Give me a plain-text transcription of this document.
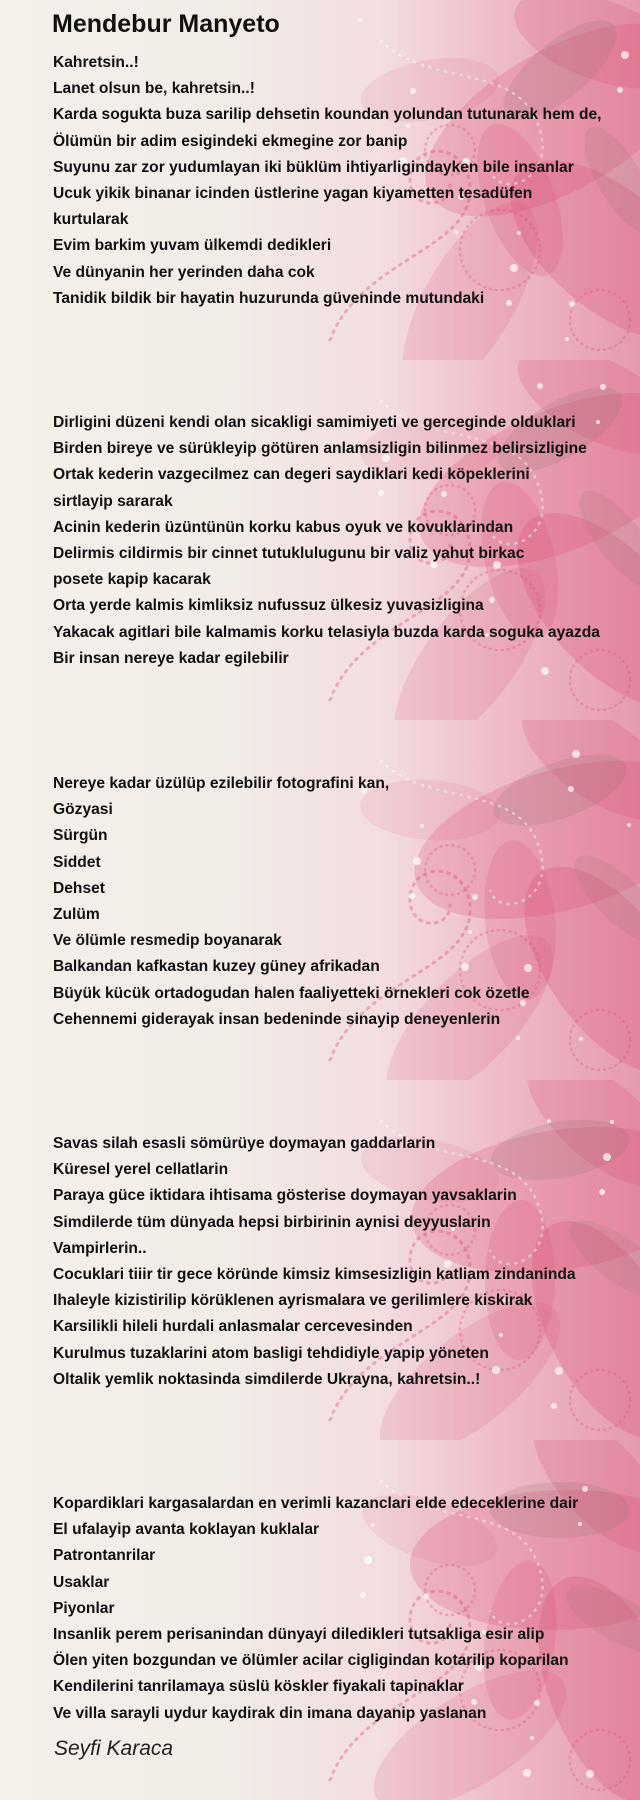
Mendebur Manyeto
Kahretsin..!
Lanet olsun be, kahretsin..!
Karda sogukta buza sarilip dehsetin koundan yolundan tutunarak hem de,
Ölümün bir adim esigindeki ekmegine zor banip
Suyunu zar zor yudumlayan iki büklüm ihtiyarligindayken bile insanlar
Ucuk yikik binanar icinden üstlerine yagan kiyametten tesadüfen
kurtularak
Evim barkim yuvam ülkemdi dedikleri
Ve dünyanin her yerinden daha cok
Tanidik bildik bir hayatin huzurunda güveninde mutundaki
Dirligini düzeni kendi olan sicakligi samimiyeti ve gerceginde olduklari
Birden bireye ve sürükleyip götüren anlamsizligin bilinmez belirsizligine
Ortak kederin vazgecilmez can degeri saydiklari kedi köpeklerini
sirtlayip sararak
Acinin kederin üzüntünün korku kabus oyuk ve kovuklarindan
Delirmis cildirmis bir cinnet tutuklulugunu bir valiz yahut birkac
posete kapip kacarak
Orta yerde kalmis kimliksiz nufussuz ülkesiz yuvasizligina
Yakacak agitlari bile kalmamis korku telasiyla buzda karda soguka ayazda
Bir insan nereye kadar egilebilir
Nereye kadar üzülüp ezilebilir fotografini kan,
Gözyasi
Sürgün
Siddet
Dehset
Zulüm
Ve ölümle resmedip boyanarak
Balkandan kafkastan kuzey güney afrikadan
Büyük kücük ortadogudan halen faaliyetteki örnekleri cok özetle
Cehennemi giderayak insan bedeninde sinayip deneyenlerin
Savas silah esasli sömürüye doymayan gaddarlarin
Küresel yerel cellatlarin
Paraya güce iktidara ihtisama gösterise doymayan yavsaklarin
Simdilerde tüm dünyada hepsi birbirinin aynisi deyyuslarin
Vampirlerin..
Cocuklari tiiir tir gece köründe kimsiz kimsesizligin katliam zindaninda
Ihaleyle kizistirilip körüklenen ayrismalara ve gerilimlere kiskirak
Karsilikli hileli hurdali anlasmalar cercevesinden
Kurulmus tuzaklarini atom basligi tehdidiyle yapip yöneten
Oltalik yemlik noktasinda simdilerde Ukrayna, kahretsin..!
Kopardiklari kargasalardan en verimli kazanclari elde edeceklerine dair
El ufalayip avanta koklayan kuklalar
Patrontanrilar
Usaklar
Piyonlar
Insanlik perem perisanindan dünyayi diledikleri tutsakliga esir alip
Ölen yiten bozgundan ve ölümler acilar cigligindan kotarilip koparilan
Kendilerini tanrilamaya süslü köskler fiyakali tapinaklar
Ve villa sarayli uydur kaydirak din imana dayanip yaslanan
Seyfi Karaca
